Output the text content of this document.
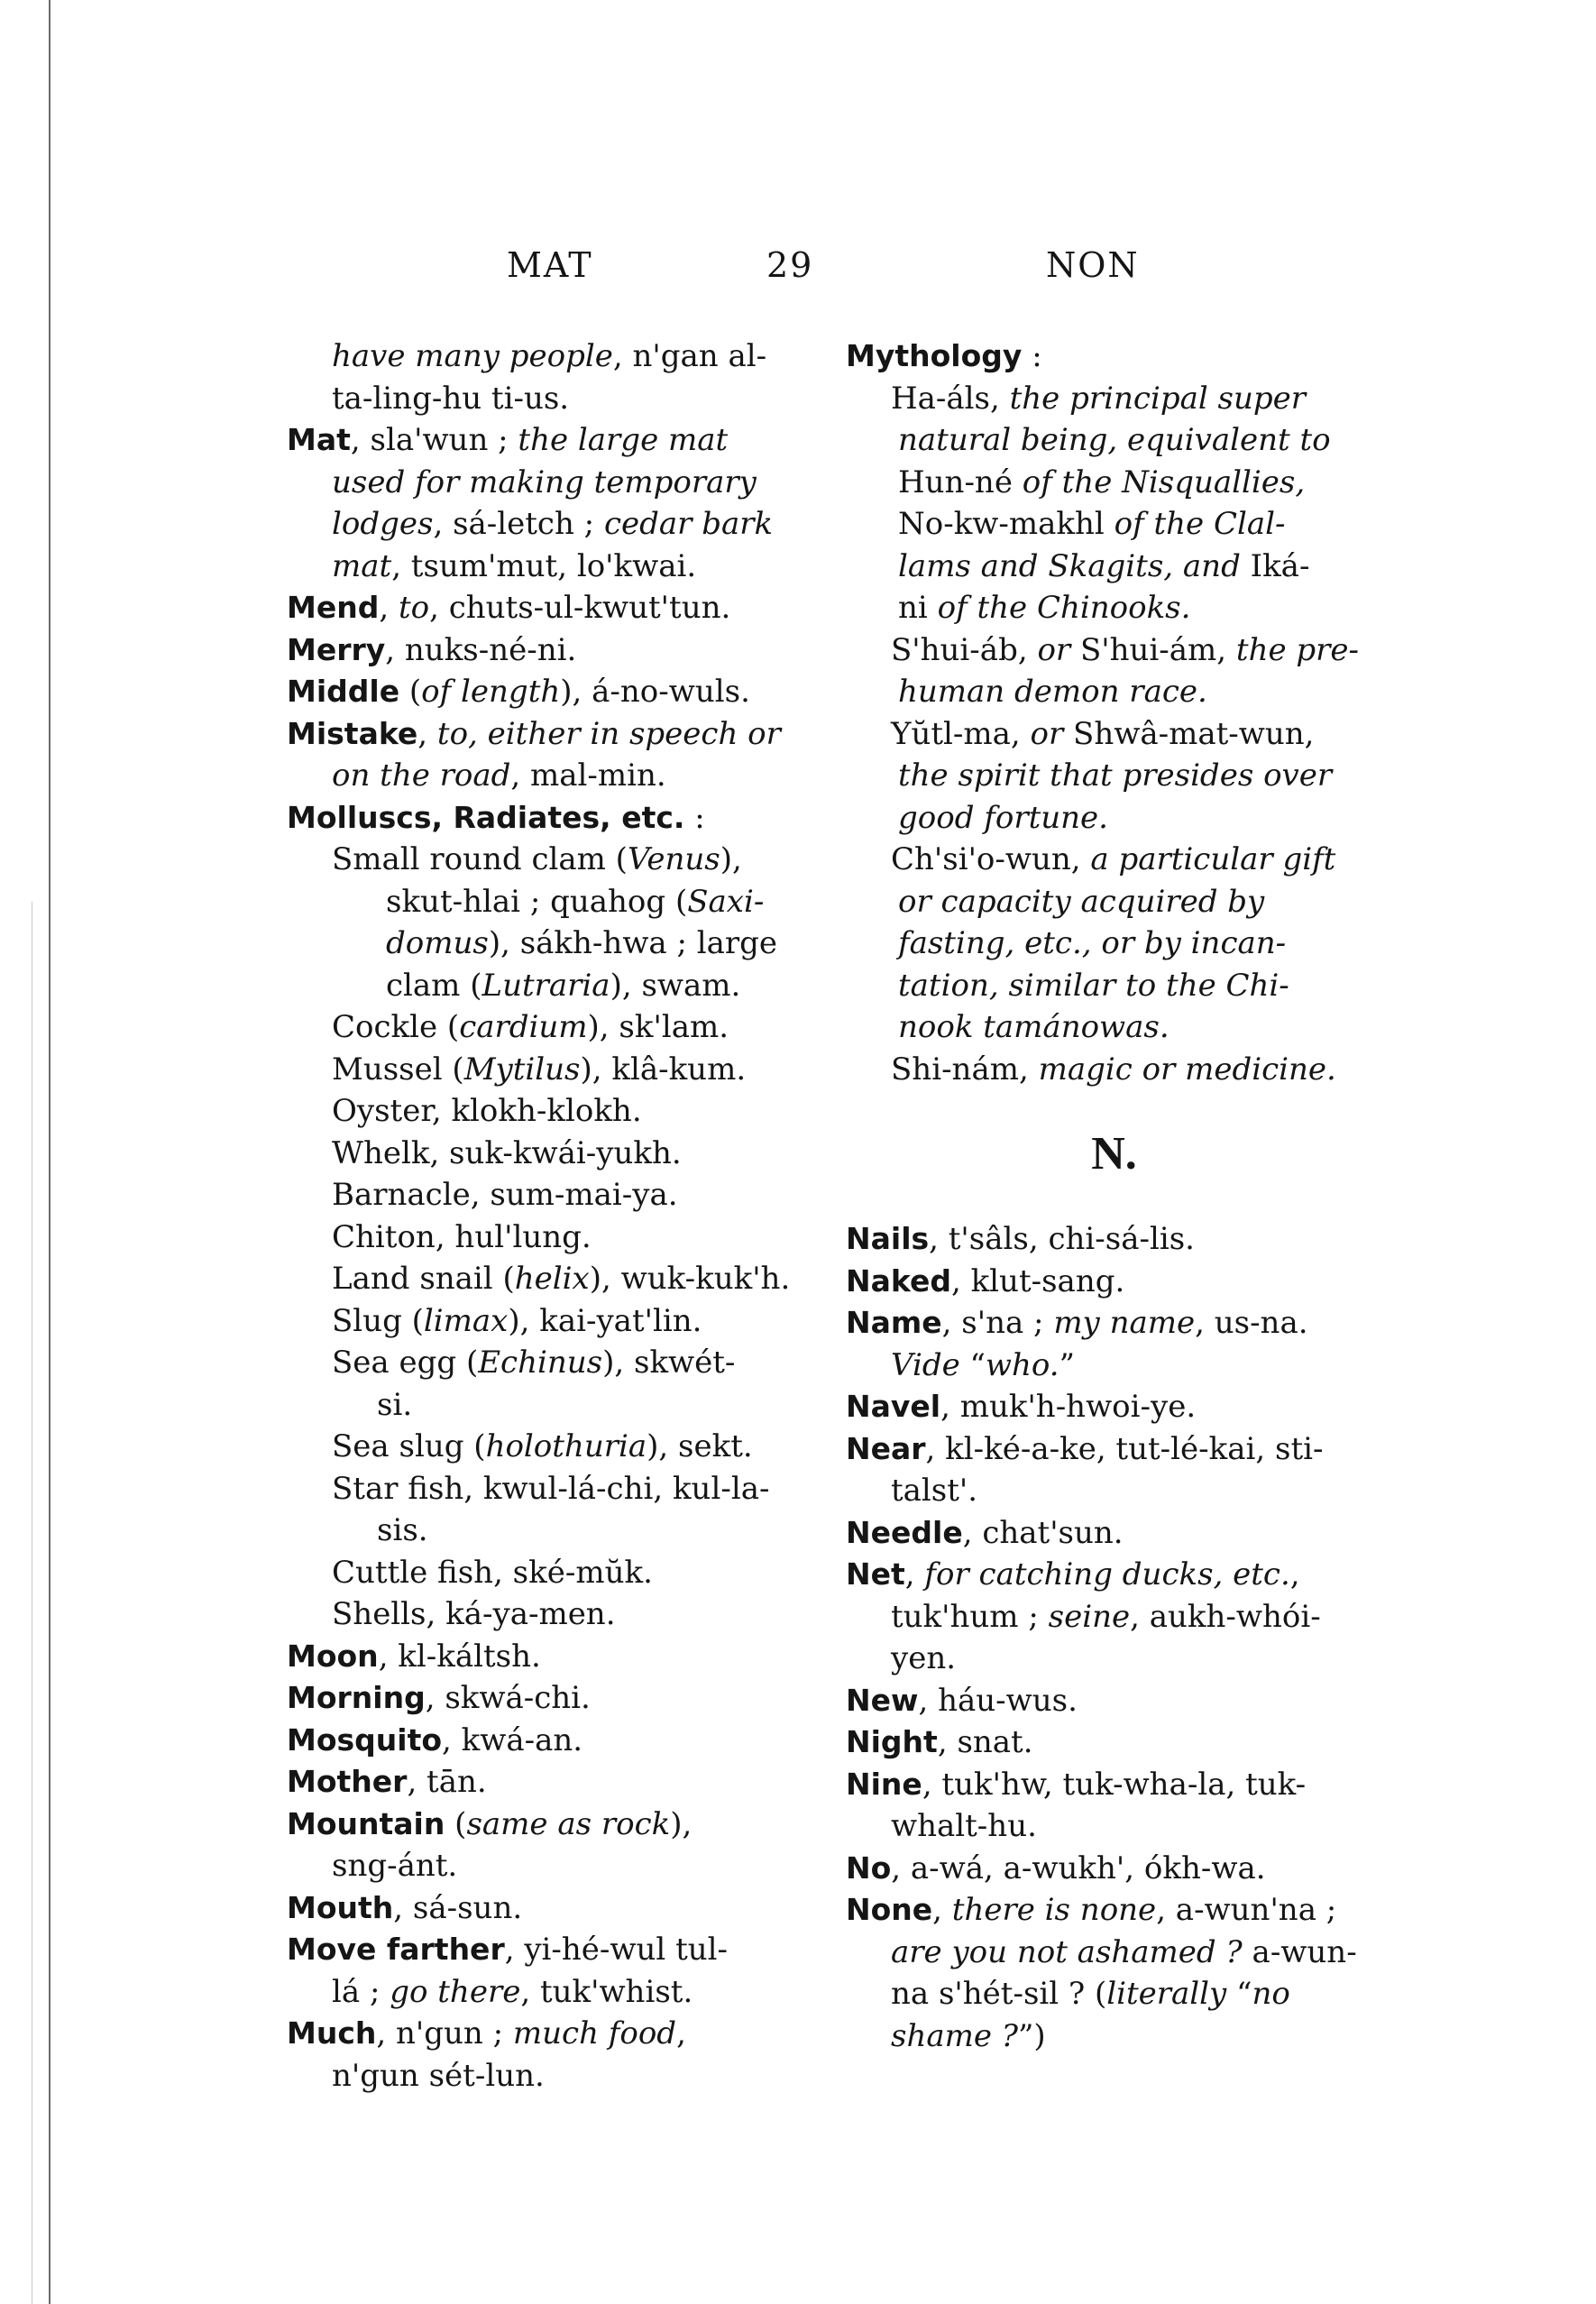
MAT	29	NON
have many people, n'gan al-
ta-ling-hu ti-us.
Mat, sla'wun ; the large mat
used for making temporary
lodges, sá-letch ; cedar bark
mat, tsum'mut, lo'kwai.
Mend, to, chuts-ul-kwut'tun.
Merry, nuks-né-ni.
Middle (of length), á-no-wuls.
Mistake, to, either in speech or
on the road, mal-min.
Molluscs, Radiates, etc. :
Small round clam (Venus),
skut-hlai ; quahog (Saxi-
domus), sákh-hwa ; large
clam (Lutraria), swam.
Cockle (cardium), sk'lam.
Mussel (Mytilus), klâ-kum.
Oyster, klokh-klokh.
Whelk, suk-kwái-yukh.
Barnacle, sum-mai-ya.
Chiton, hul'lung.
Land snail (helix), wuk-kuk'h.
Slug (limax), kai-yat'lin.
Sea egg (Echinus), skwét-
si.
Sea slug (holothuria), sekt.
Star fish, kwul-lá-chi, kul-la-
sis.
Cuttle fish, ské-mŭk.
Shells, ká-ya-men.
Moon, kl-káltsh.
Morning, skwá-chi.
Mosquito, kwá-an.
Mother, tān.
Mountain (same as rock),
sng-ánt.
Mouth, sá-sun.
Move farther, yi-hé-wul tul-
lá ; go there, tuk'whist.
Much, n'gun ; much food,
n'gun sét-lun.
Mythology :
Ha-áls, the principal super
natural being, equivalent to
Hun-né of the Nisquallies,
No-kw-makhl of the Clal-
lams and Skagits, and Iká-
ni of the Chinooks.
S'hui-áb, or S'hui-ám, the pre-
human demon race.
Yŭtl-ma, or Shwâ-mat-wun,
the spirit that presides over
good fortune.
Ch'si'o-wun, a particular gift
or capacity acquired by
fasting, etc., or by incan-
tation, similar to the Chi-
nook tamánowas.
Shi-nám, magic or medicine.
N.
Nails, t'sâls, chi-sá-lis.
Naked, klut-sang.
Name, s'na ; my name, us-na.
Vide “who.”
Navel, muk'h-hwoi-ye.
Near, kl-ké-a-ke, tut-lé-kai, sti-
talst'.
Needle, chat'sun.
Net, for catching ducks, etc.,
tuk'hum ; seine, aukh-whói-
yen.
New, háu-wus.
Night, snat.
Nine, tuk'hw, tuk-wha-la, tuk-
whalt-hu.
No, a-wá, a-wukh', ókh-wa.
None, there is none, a-wun'na ;
are you not ashamed ? a-wun-
na s'hét-sil ? (literally “no
shame ?”)
